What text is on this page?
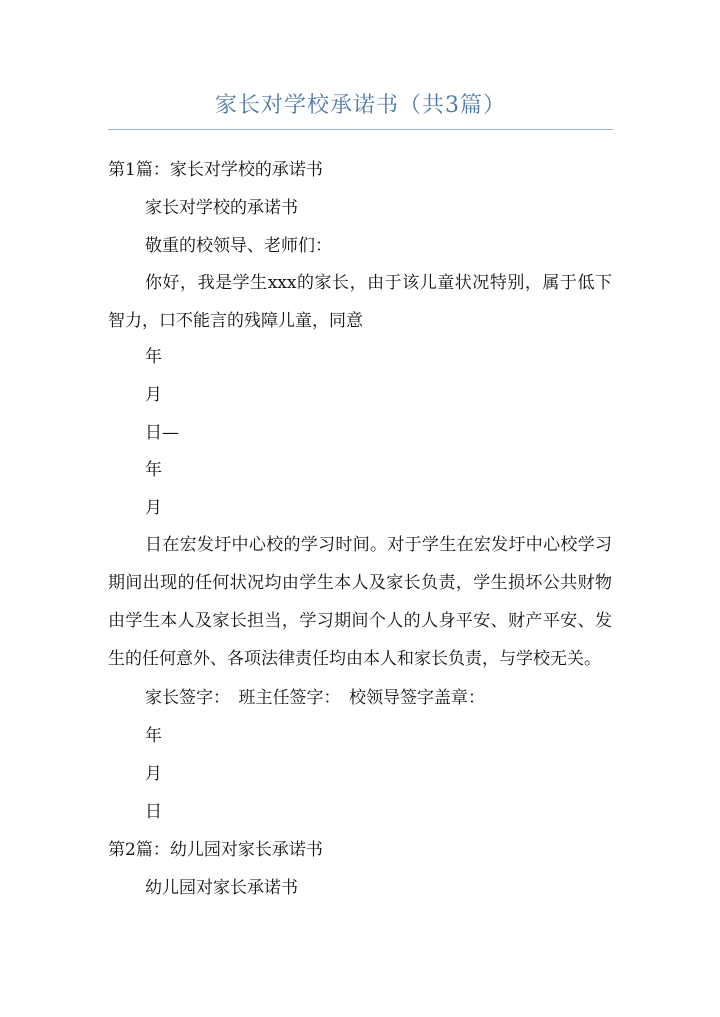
家长对学校承诺书（共3篇）
第1篇：家长对学校的承诺书
家长对学校的承诺书
敬重的校领导、老师们：
你好，我是学生xxx的家长，由于该儿童状况特别，属于低下智力，口不能言的残障儿童，同意
年
月
日—
年
月
日在宏发圩中心校的学习时间。对于学生在宏发圩中心校学习期间出现的任何状况均由学生本人及家长负责，学生损坏公共财物由学生本人及家长担当，学习期间个人的人身平安、财产平安、发生的任何意外、各项法律责任均由本人和家长负责，与学校无关。
家长签字：　班主任签字：　校领导签字盖章：
年
月
日
第2篇：幼儿园对家长承诺书
幼儿园对家长承诺书
